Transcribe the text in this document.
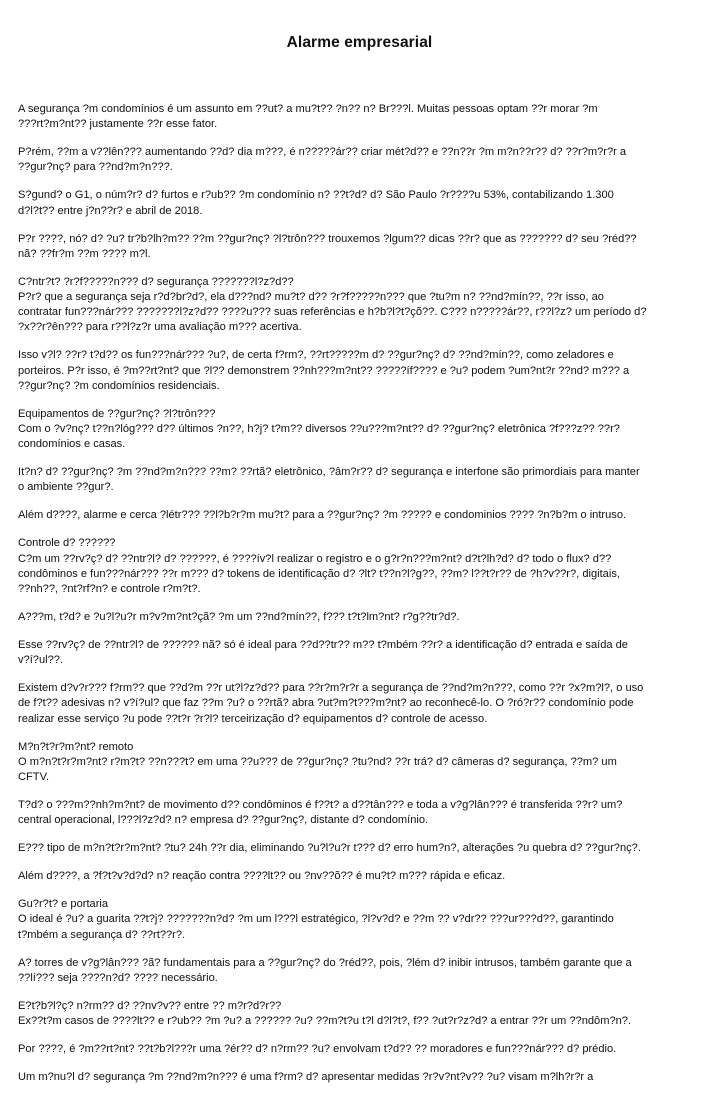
Alarme empresarial

A segurança ?m condomínios é um assunto em ??ut? a mu?t?? ?n?? n? Br???l. Muitas pessoas optam ??r morar ?m
???rt?m?nt?? justamente ??r esse fator.

P?rém, ??m a v??lên??? aumentando ??d? dia m???, é n?????ár?? criar mét?d?? e ??n??r ?m m?n??r?? d? ??r?m?r?r a
??gur?nç? para ??nd?m?n???.

S?gund? o G1, o núm?r? d? furtos e r?ub?? ?m condomínio n? ??t?d? d? São Paulo ?r????u 53%, contabilizando 1.300
d?l?t?? entre j?n??r? e abril de 2018.

P?r ????, nó? d? ?u? tr?b?lh?m?? ??m ??gur?nç? ?l?trôn??? trouxemos ?lgum?? dicas ??r? que as ??????? d? seu ?réd??
nã? ??fr?m ??m ???? m?l.

C?ntr?t? ?r?f?????n??? d? segurança ???????l?z?d??
P?r? que a segurança seja r?d?br?d?, ela d???nd? mu?t? d?? ?r?f?????n??? que ?tu?m n? ??nd?mín??, ??r isso, ao
contratar fun???nár??? ???????l?z?d?? ????u??? suas referências e h?b?l?t?çõ??. C??? n?????ár??, r??l?z? um período d?
?x??r?ên??? para r??l?z?r uma avaliação m??? acertiva.

Isso v?l? ??r? t?d?? os fun???nár??? ?u?, de certa f?rm?, ??rt?????m d? ??gur?nç? d? ??nd?mín??, como zeladores e
porteiros. P?r isso, é ?m??rt?nt? que ?l?? demonstrem ??nh???m?nt?? ?????íf???? e ?u? podem ?um?nt?r ??nd? m??? a
??gur?nç? ?m condomínios residenciais.

Equipamentos de ??gur?nç? ?l?trôn???
Com o ?v?nç? t??n?lóg??? d?? últimos ?n??, h?j? t?m?? diversos ??u???m?nt?? d? ??gur?nç? eletrônica ?f???z?? ??r?
condomínios e casas.

It?n? d? ??gur?nç? ?m ??nd?m?n??? ??m? ??rtã? eletrônico, ?âm?r?? d? segurança e interfone são primordiais para manter
o ambiente ??gur?.

Além d????, alarme e cerca ?létr??? ??l?b?r?m mu?t? para a ??gur?nç? ?m ????? e condominios ???? ?n?b?m o intruso.

Controle d? ??????
C?m um ??rv?ç? d? ??ntr?l? d? ??????, é ????ív?l realizar o registro e o g?r?n???m?nt? d?t?lh?d? d? todo o flux? d??
condôminos e fun???nár??? ??r m??? d? tokens de identificação d? ?lt? t??n?l?g??, ??m? l??t?r?? de ?h?v??r?, digitais,
??nh??, ?nt?rf?n? e controle r?m?t?.

A???m, t?d? e ?u?l?u?r m?v?m?nt?çã? ?m um ??nd?mín??, f??? t?t?lm?nt? r?g??tr?d?.

Esse ??rv?ç? de ??ntr?l? de ?????? nã? só é ideal para ??d??tr?? m?? t?mbém ??r? a identificação d? entrada e saída de
v?í?ul??.

Existem d?v?r??? f?rm?? que ??d?m ??r ut?l?z?d?? para ??r?m?r?r a segurança de ??nd?m?n???, como ??r ?x?m?l?, o uso
de f?t?? adesivas n? v?í?ul? que faz ??m ?u? o ??rtã? abra ?ut?m?t???m?nt? ao reconhecê-lo. O ?ró?r?? condomínio pode
realizar esse serviço ?u pode ??t?r ?r?l? terceirização d? equipamentos d? controle de acesso.

M?n?t?r?m?nt? remoto
O m?n?t?r?m?nt? r?m?t? ??n???t? em uma ??u??? de ??gur?nç? ?tu?nd? ??r trá? d? câmeras d? segurança, ??m? um
CFTV.

T?d? o ???m??nh?m?nt? de movimento d?? condôminos é f??t? a d??tân??? e toda a v?g?lân??? é transferida ??r? um?
central operacional, l???l?z?d? n? empresa d? ??gur?nç?, distante d? condomínio.

E??? tipo de m?n?t?r?m?nt? ?tu? 24h ??r dia, eliminando ?u?l?u?r t??? d? erro hum?n?, alterações ?u quebra d? ??gur?nç?.

Além d????, a ?f?t?v?d?d? n? reação contra ????lt?? ou ?nv??õ?? é mu?t? m??? rápida e eficaz.

Gu?r?t? e portaria
O ideal é ?u? a guarita ??t?j? ???????n?d? ?m um l???l estratégico, ?l?v?d? e ??m ?? v?dr?? ???ur???d??, garantindo
t?mbém a segurança d? ??rt??r?.

A? torres de v?g?lân??? ?ã? fundamentais para a ??gur?nç? do ?réd??, pois, ?lém d? inibir intrusos, também garante que a
??lí??? seja ????n?d? ???? necessário.

E?t?b?l?ç? n?rm?? d? ??nv?v?? entre ?? m?r?d?r??
Ex??t?m casos de ????lt?? e r?ub?? ?m ?u? a ?????? ?u? ??m?t?u t?l d?l?t?, f?? ?ut?r?z?d? a entrar ??r um ??ndôm?n?.

Por ????, é ?m??rt?nt? ??t?b?l???r uma ?ér?? d? n?rm?? ?u? envolvam t?d?? ?? moradores e fun???nár??? d? prédio.

Um m?nu?l d? segurança ?m ??nd?m?n??? é uma f?rm? d? apresentar medidas ?r?v?nt?v?? ?u? visam m?lh?r?r a
